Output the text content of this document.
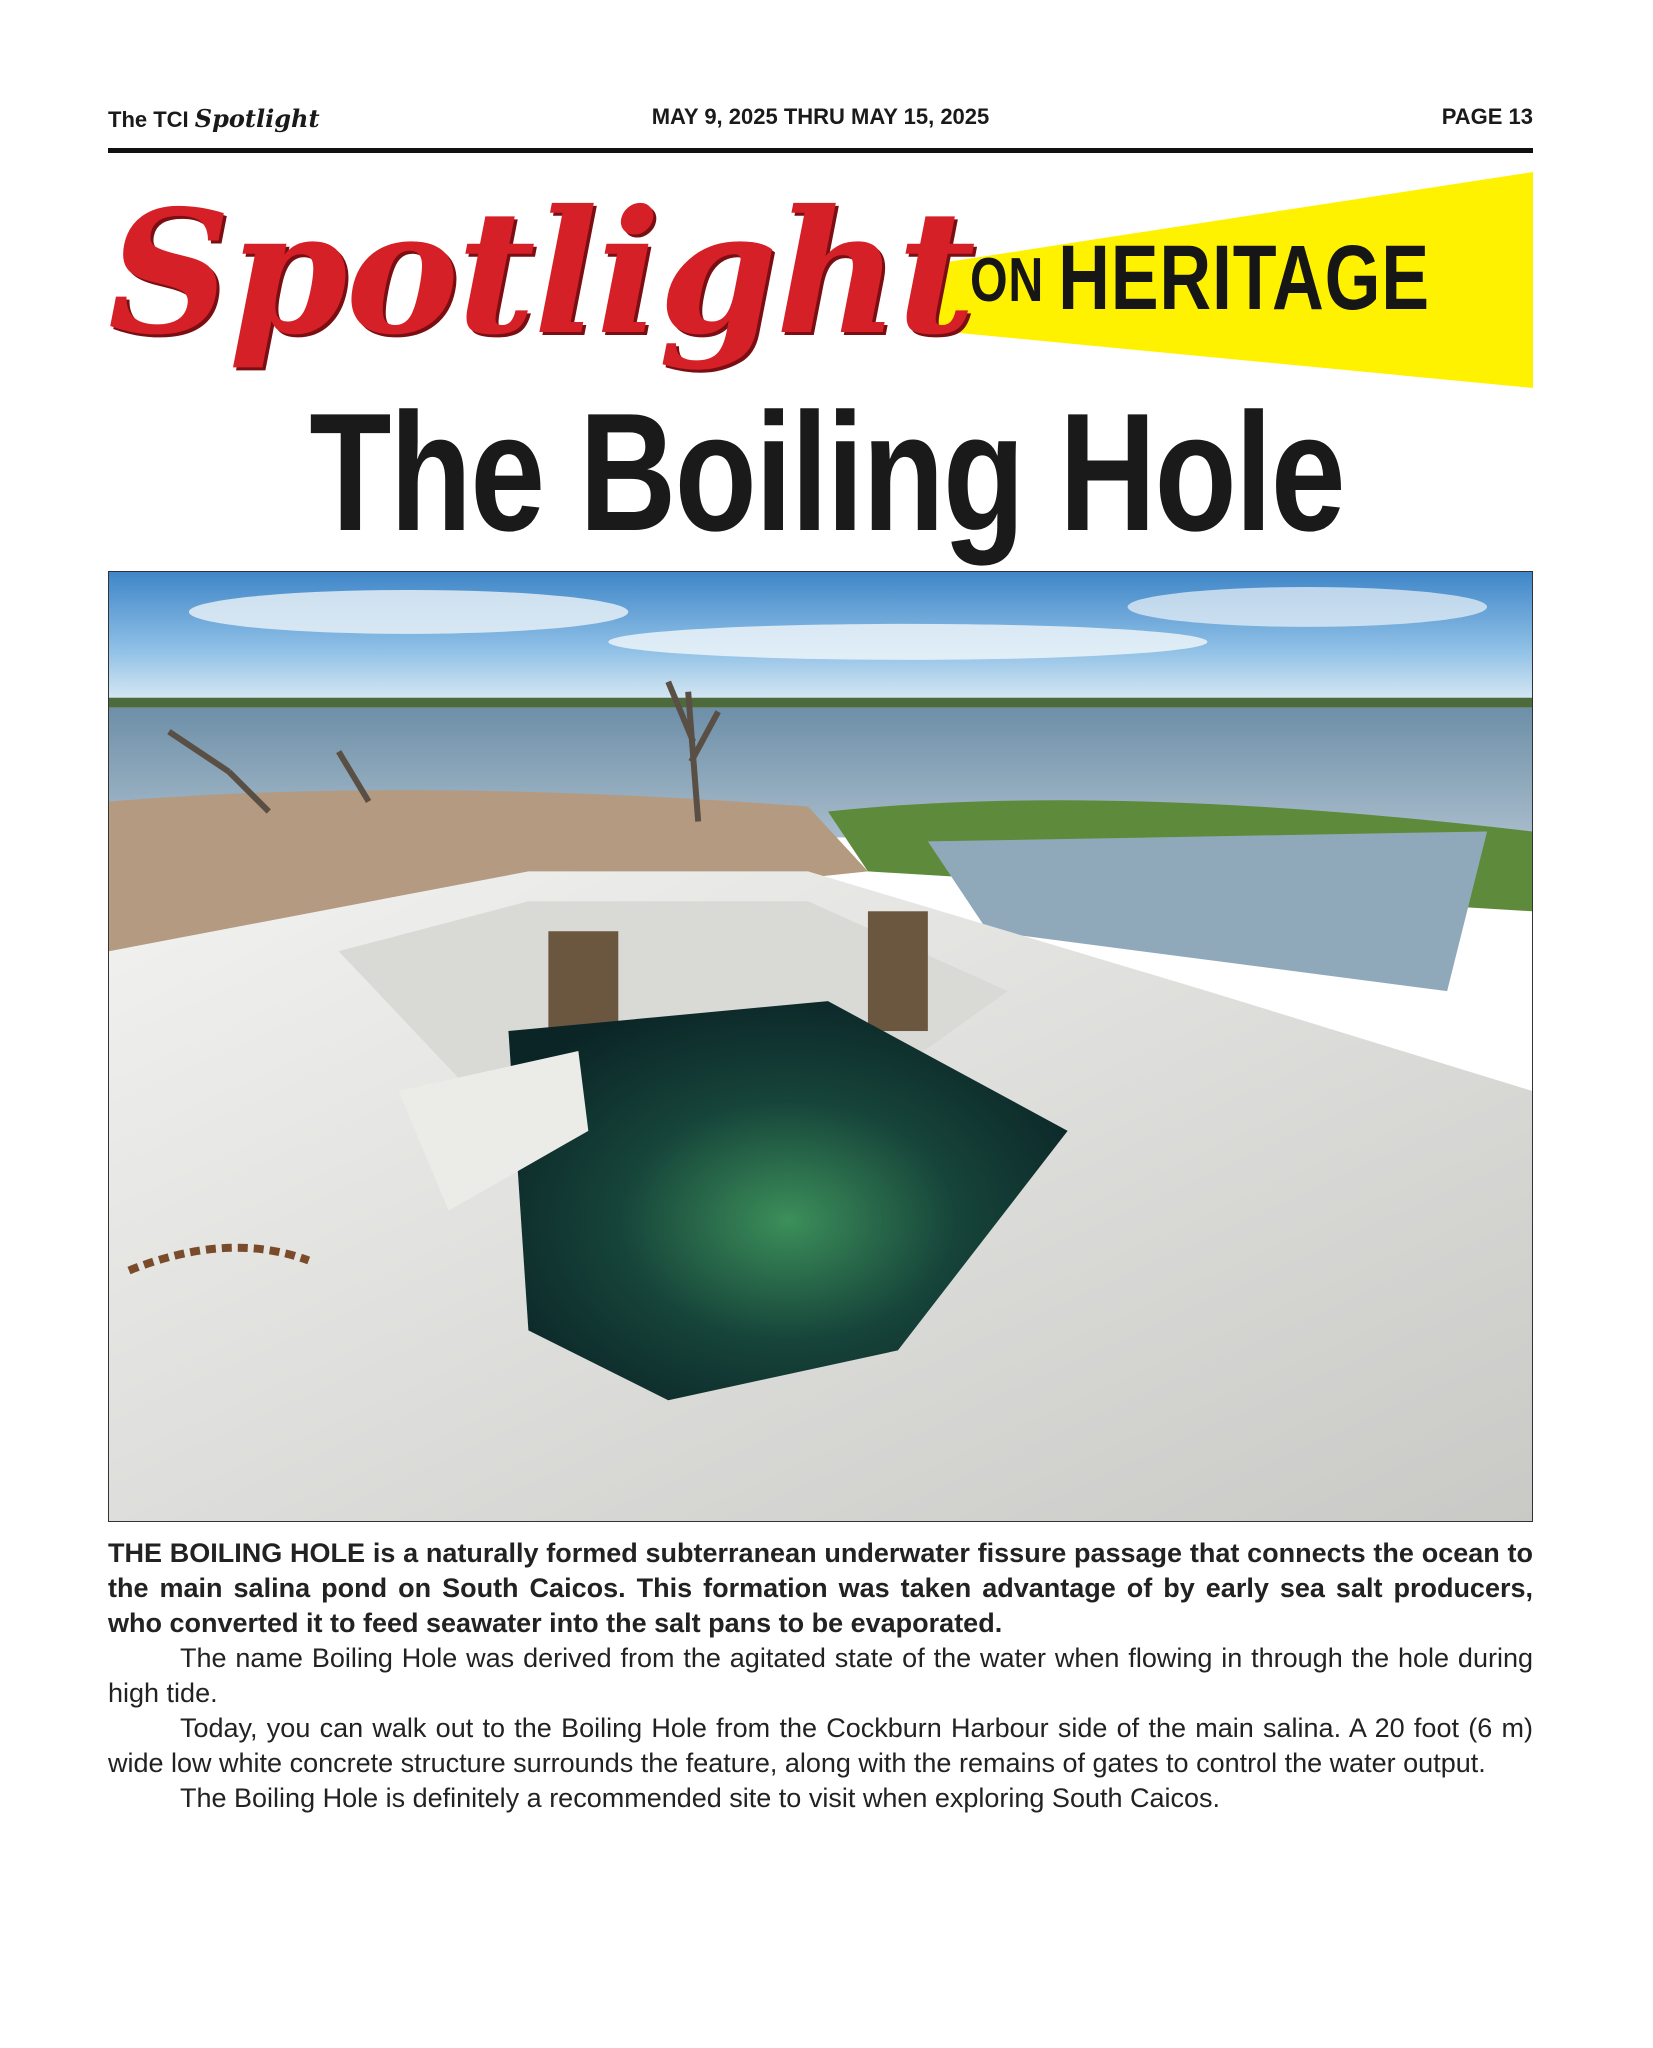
The TCI Spotlight	MAY 9, 2025 THRU MAY 15, 2025	PAGE 13
Spotlight
ON HERITAGE
The Boiling Hole

THE BOILING HOLE is a naturally formed subterranean underwater fissure passage that connects the ocean to the main salina pond on South Caicos. This formation was taken advantage of by early sea salt producers, who converted it to feed seawater into the salt pans to be evaporated.

The name Boiling Hole was derived from the agitated state of the water when flowing in through the hole during high tide.

Today, you can walk out to the Boiling Hole from the Cockburn Harbour side of the main salina. A 20 foot (6 m) wide low white concrete structure surrounds the feature, along with the remains of gates to control the water output.

The Boiling Hole is definitely a recommended site to visit when exploring South Caicos.
